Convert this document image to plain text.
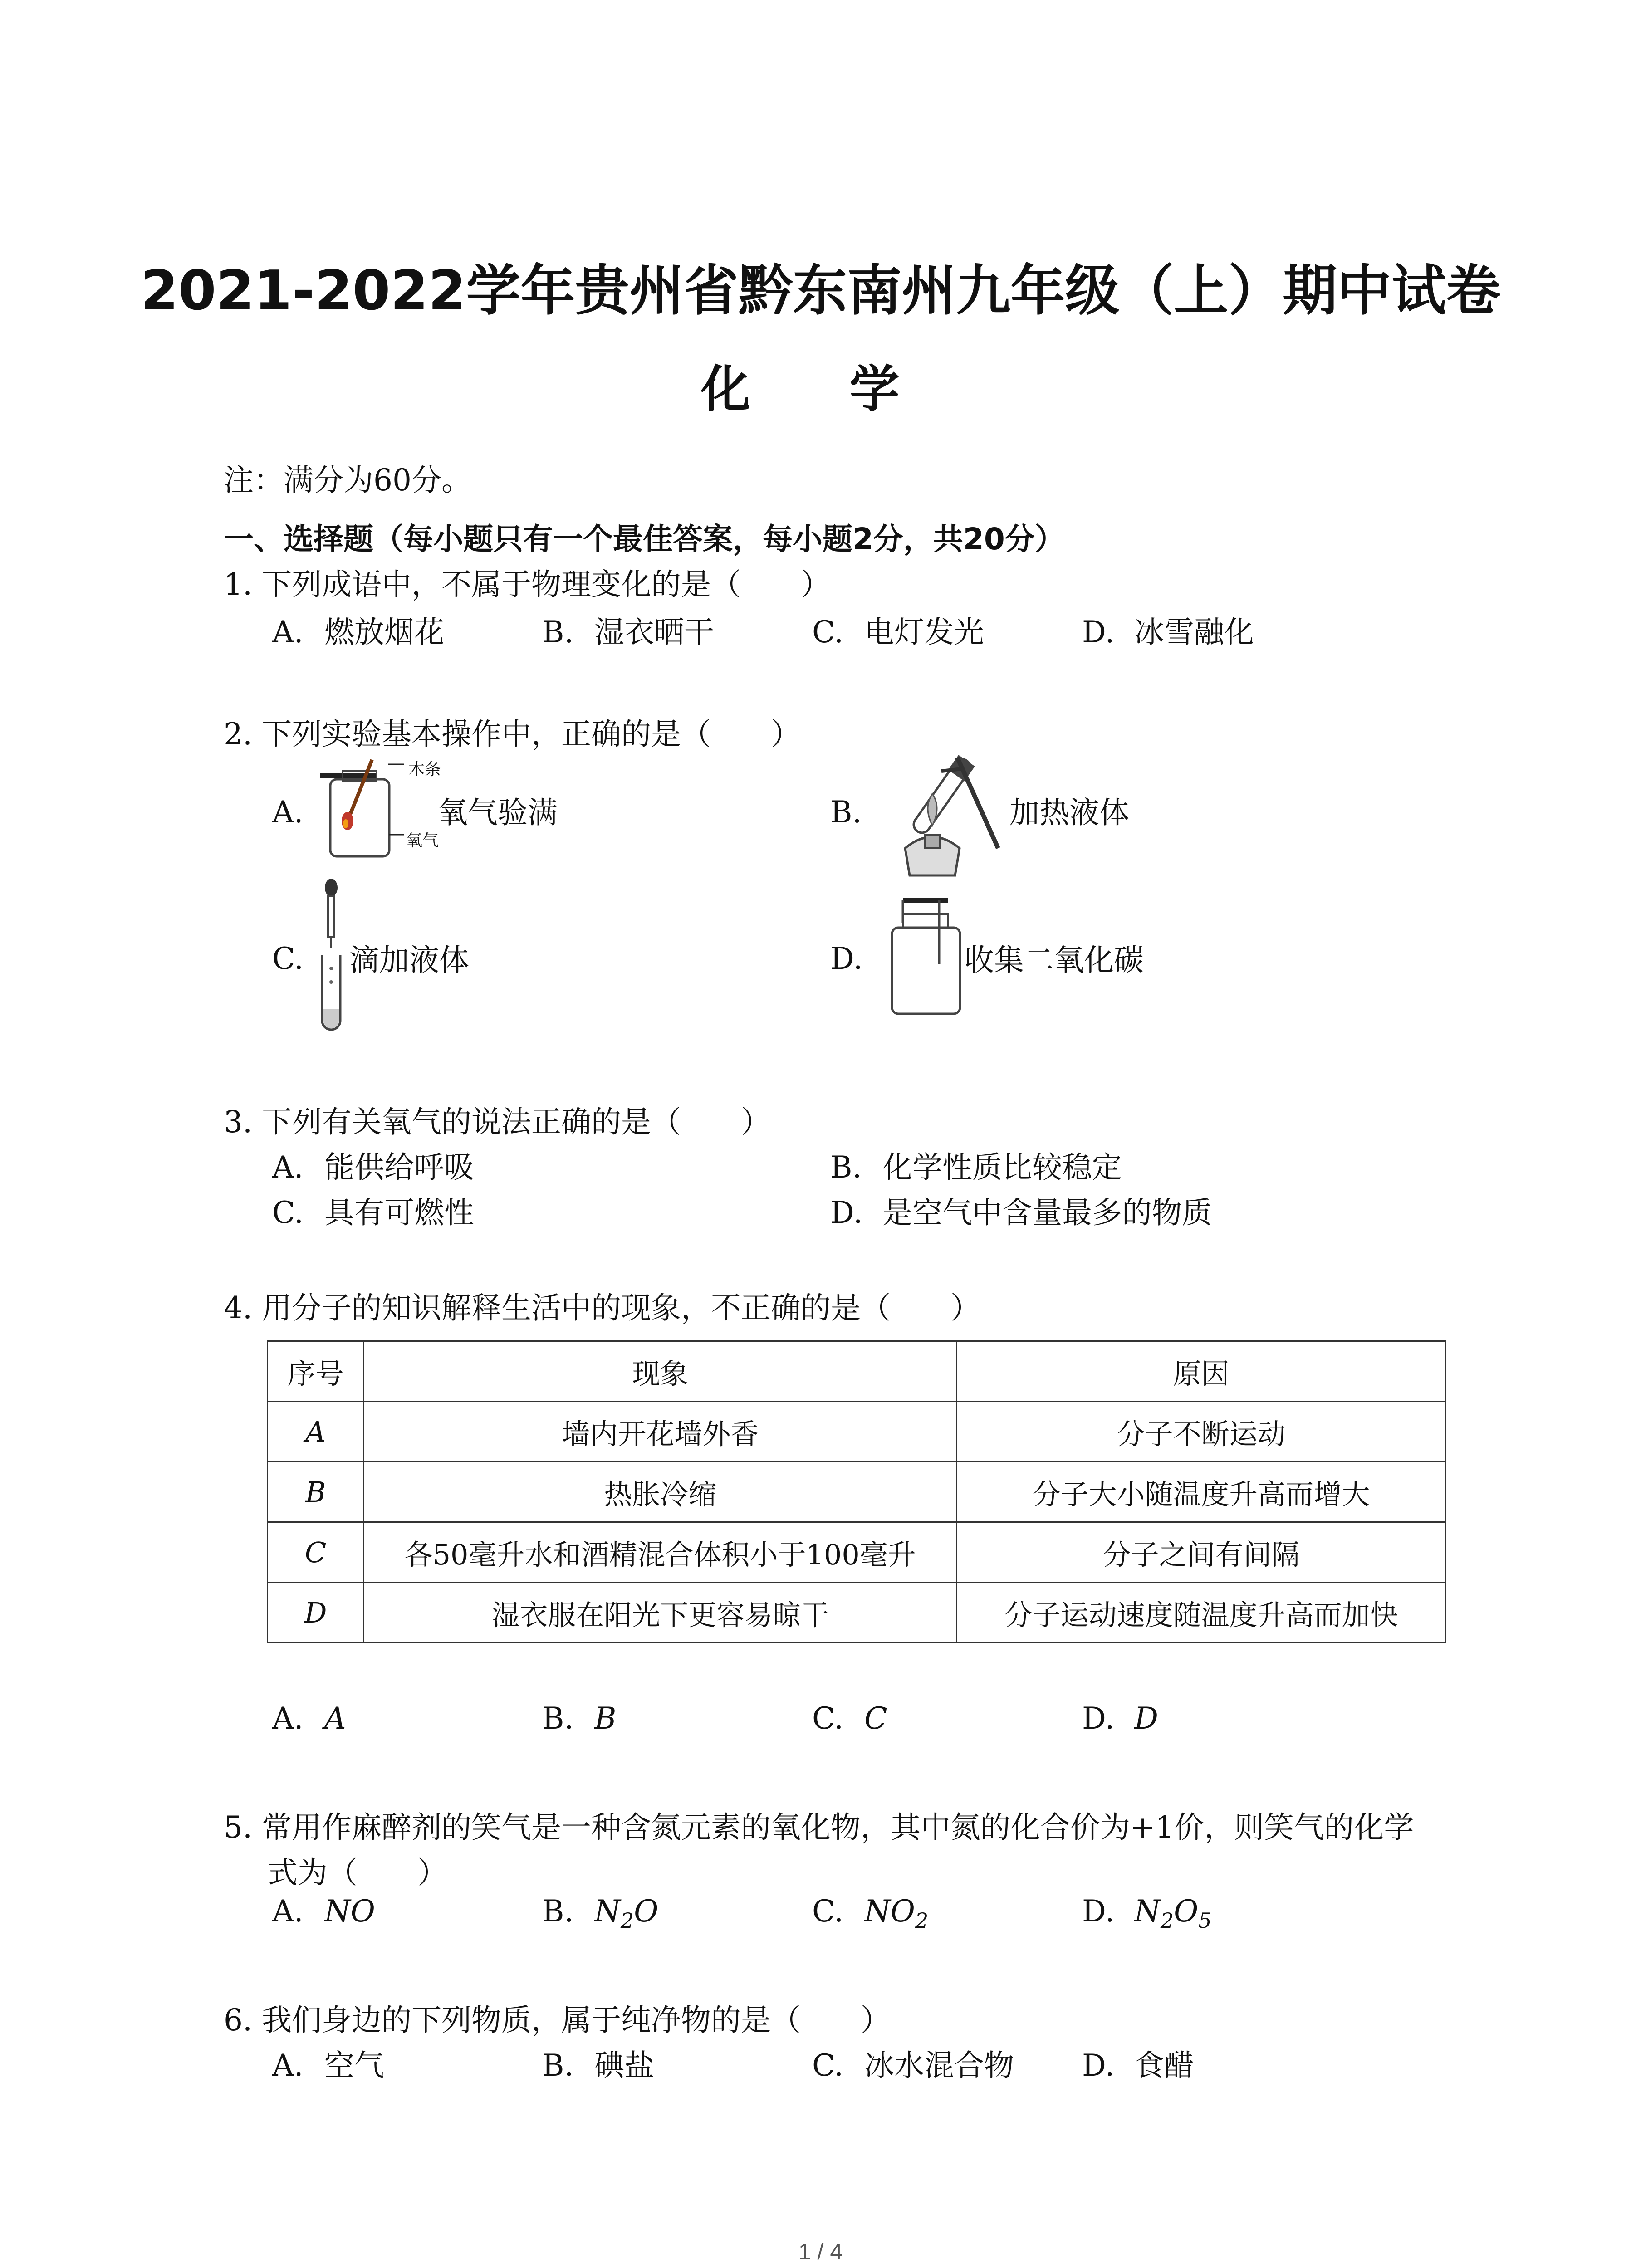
2021-2022学年贵州省黔东南州九年级（上）期中试卷
化 学
注：满分为60分。
一、选择题（每小题只有一个最佳答案，每小题2分，共20分）
1. 下列成语中，不属于物理变化的是（　　）
A. 燃放烟花	B. 湿衣晒干	C. 电灯发光	D. 冰雪融化
2. 下列实验基本操作中，正确的是（　　）
A.
木条
氧气
氧气验满	B.	加热液体
C. 滴加液体	D.	收集二氧化碳
3. 下列有关氧气的说法正确的是（　　）
A. 能供给呼吸	B. 化学性质比较稳定
C. 具有可燃性	D. 是空气中含量最多的物质
4. 用分子的知识解释生活中的现象，不正确的是（　　）
序号	现象	原因
A	墙内开花墙外香	分子不断运动
B	热胀冷缩	分子大小随温度升高而增大
C	各50毫升水和酒精混合体积小于100毫升	分子之间有间隔
D	湿衣服在阳光下更容易晾干	分子运动速度随温度升高而加快
A. A	B. B	C. C	D. D
5. 常用作麻醉剂的笑气是一种含氮元素的氧化物，其中氮的化合价为+1价，则笑气的化学
式为（　　）
A. NO	B. $N_2O$	C. $NO_2$	D. $N_2O_5$
6. 我们身边的下列物质，属于纯净物的是（　　）
A. 空气	B. 碘盐	C. 冰水混合物 D. 食醋
1 / 4
